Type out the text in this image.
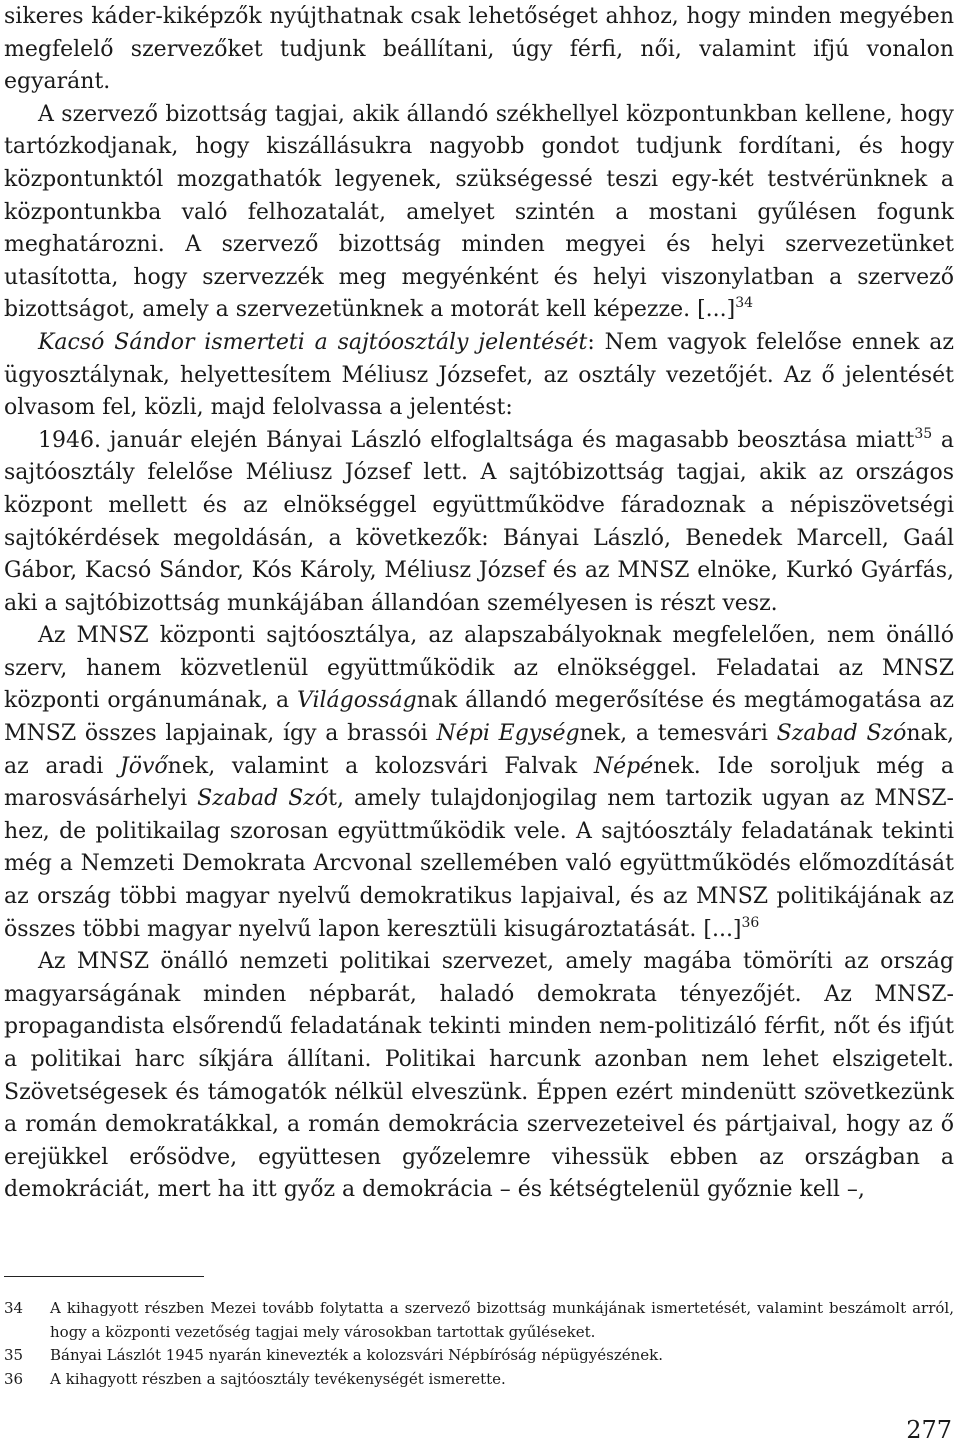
sikeres káder-kiképzők nyújthatnak csak lehetőséget ahhoz, hogy minden megyében megfelelő szervezőket tudjunk beállítani, úgy férfi, női, valamint ifjú vonalon egyaránt.

A szervező bizottság tagjai, akik állandó székhellyel központunkban kellene, hogy tartózkodjanak, hogy kiszállásukra nagyobb gondot tudjunk fordítani, és hogy központunktól mozgathatók legyenek, szükségessé teszi egy-két testvérünknek a központunkba való felhozatalát, amelyet szintén a mostani gyűlésen fogunk meghatározni. A szervező bizottság minden megyei és helyi szervezetünket utasította, hogy szervezzék meg megyénként és helyi viszonylatban a szervező bizottságot, amely a szervezetünknek a motorát kell képezze. [...]$^{34}$

Kacsó Sándor ismerteti a sajtóosztály jelentését: Nem vagyok felelőse ennek az ügyosztálynak, helyettesítem Méliusz Józsefet, az osztály vezetőjét. Az ő jelentését olvasom fel, közli, majd felolvassa a jelentést:

1946. január elején Bányai László elfoglaltsága és magasabb beosztása miatt$^{35}$ a sajtóosztály felelőse Méliusz József lett. A sajtóbizottság tagjai, akik az országos központ mellett és az elnökséggel együttműködve fáradoznak a népiszövetségi sajtókérdések megoldásán, a következők: Bányai László, Benedek Marcell, Gaál Gábor, Kacsó Sándor, Kós Károly, Méliusz József és az MNSZ elnöke, Kurkó Gyárfás, aki a sajtóbizottság munkájában állandóan személyesen is részt vesz.

Az MNSZ központi sajtóosztálya, az alapszabályoknak megfelelően, nem önálló szerv, hanem közvetlenül együttműködik az elnökséggel. Feladatai az MNSZ központi orgánumának, a Világosságnak állandó megerősítése és megtámogatása az MNSZ összes lapjainak, így a brassói Népi Egységnek, a temesvári Szabad Szónak, az aradi Jövőnek, valamint a kolozsvári Falvak Népének. Ide soroljuk még a marosvásárhelyi Szabad Szót, amely tulajdonjogilag nem tartozik ugyan az MNSZ-hez, de politikailag szorosan együttműködik vele. A sajtóosztály feladatának tekinti még a Nemzeti Demokrata Arcvonal szellemében való együttműködés előmozdítását az ország többi magyar nyelvű demokratikus lapjaival, és az MNSZ politikájának az összes többi magyar nyelvű lapon keresztüli kisugároztatását. [...]$^{36}$

Az MNSZ önálló nemzeti politikai szervezet, amely magába tömöríti az ország magyarságának minden népbarát, haladó demokrata tényezőjét. Az MNSZ-propagandista elsőrendű feladatának tekinti minden nem-politizáló férfit, nőt és ifjút a politikai harc síkjára állítani. Politikai harcunk azonban nem lehet elszigetelt. Szövetségesek és támogatók nélkül elveszünk. Éppen ezért mindenütt szövetkezünk a román demokratákkal, a román demokrácia szervezeteivel és pártjaival, hogy az ő erejükkel erősödve, együttesen győzelemre vihessük ebben az országban a demokráciát, mert ha itt győz a demokrácia – és kétségtelenül győznie kell –,

34	A kihagyott részben Mezei tovább folytatta a szervező bizottság munkájának ismertetését, valamint beszámolt arról, hogy a központi vezetőség tagjai mely városokban tartottak gyűléseket.
35	Bányai Lászlót 1945 nyarán kinevezték a kolozsvári Népbíróság népügyészének.
36	A kihagyott részben a sajtóosztály tevékenységét ismerette.
277
